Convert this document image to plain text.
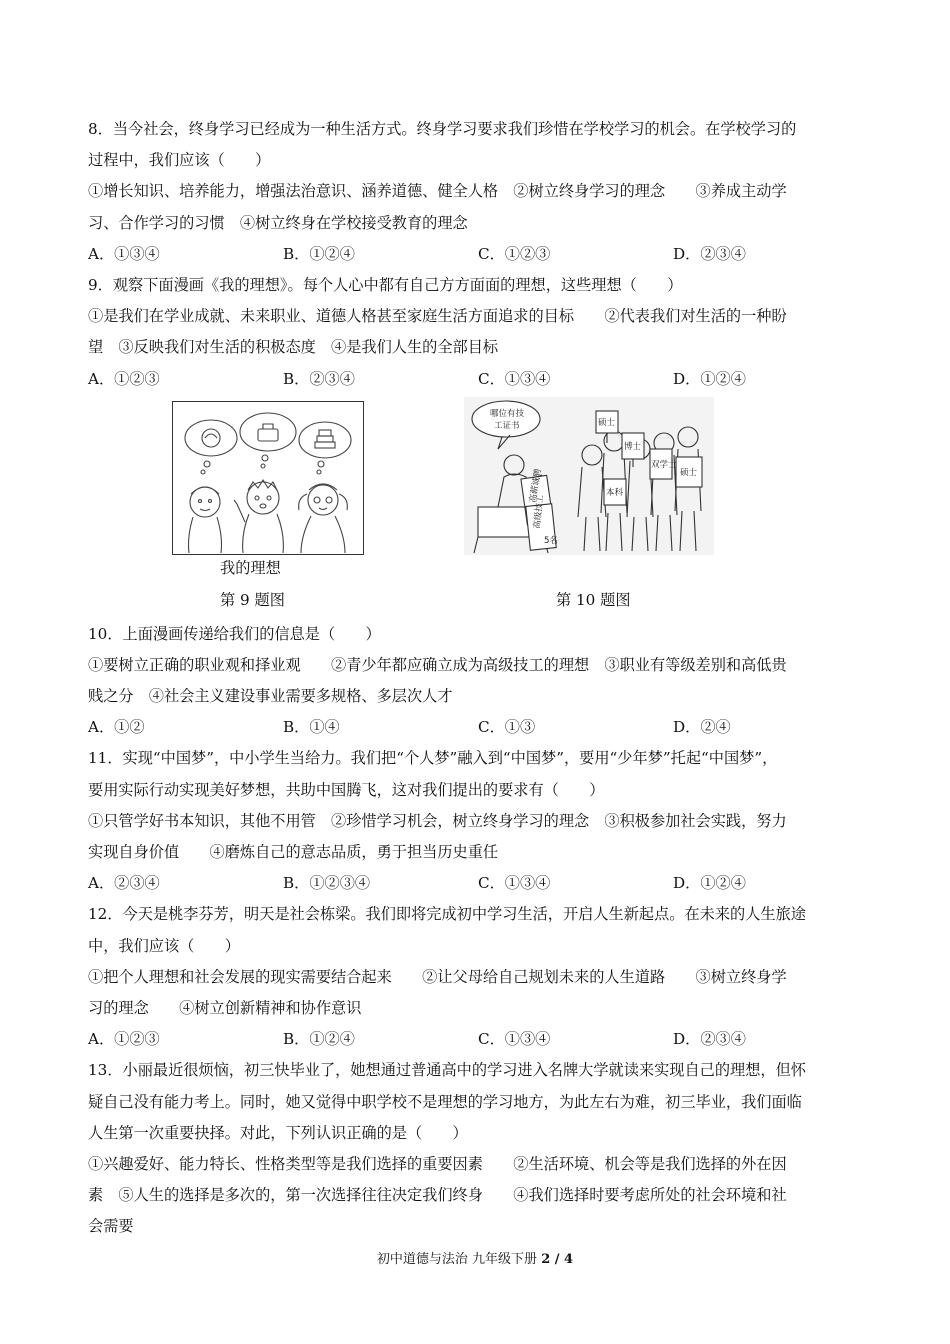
8．当今社会，终身学习已经成为一种生活方式。终身学习要求我们珍惜在学校学习的机会。在学校学习的
过程中，我们应该（　　）
①增长知识、培养能力，增强法治意识、涵养道德、健全人格　②树立终身学习的理念　　③养成主动学
习、合作学习的习惯　④树立终身在学校接受教育的理念
A．①③④	B．①②④	C．①②③	D．②③④
9．观察下面漫画《我的理想》。每个人心中都有自己方方面面的理想，这些理想（　　）
①是我们在学业成就、未来职业、道德人格甚至家庭生活方面追求的目标　　②代表我们对生活的一种盼
望　③反映我们对生活的积极态度　④是我们人生的全部目标
A．①②③	B．②③④	C．①③④	D．①②④
我的理想
第 9 题图
哪位有技
工证书
高薪诚聘
高级技工
5名
硕士
博士
双学士
硕士
本科
第 10 题图
10．上面漫画传递给我们的信息是（　　）
①要树立正确的职业观和择业观　　②青少年都应确立成为高级技工的理想　③职业有等级差别和高低贵
贱之分　④社会主义建设事业需要多规格、多层次人才
A．①②	B．①④	C．①③	D．②④
11．实现“中国梦”，中小学生当给力。我们把“个人梦”融入到“中国梦”，要用“少年梦”托起“中国梦”，
要用实际行动实现美好梦想，共助中国腾飞，这对我们提出的要求有（　　）
①只管学好书本知识，其他不用管　②珍惜学习机会，树立终身学习的理念　③积极参加社会实践，努力
实现自身价值　　④磨炼自己的意志品质，勇于担当历史重任
A．②③④	B．①②③④	C．①③④	D．①②④
12．今天是桃李芬芳，明天是社会栋梁。我们即将完成初中学习生活，开启人生新起点。在未来的人生旅途
中，我们应该（　　）
①把个人理想和社会发展的现实需要结合起来　　②让父母给自己规划未来的人生道路　　③树立终身学
习的理念　　④树立创新精神和协作意识
A．①②③	B．①②④	C．①③④	D．②③④
13．小丽最近很烦恼，初三快毕业了，她想通过普通高中的学习进入名牌大学就读来实现自己的理想，但怀
疑自己没有能力考上。同时，她又觉得中职学校不是理想的学习地方，为此左右为难，初三毕业，我们面临
人生第一次重要抉择。对此，下列认识正确的是（　　）
①兴趣爱好、能力特长、性格类型等是我们选择的重要因素　　②生活环境、机会等是我们选择的外在因
素　⑤人生的选择是多次的，第一次选择往往决定我们终身　　④我们选择时要考虑所处的社会环境和社
会需要
初中道德与法治 九年级下册 2 / 4
